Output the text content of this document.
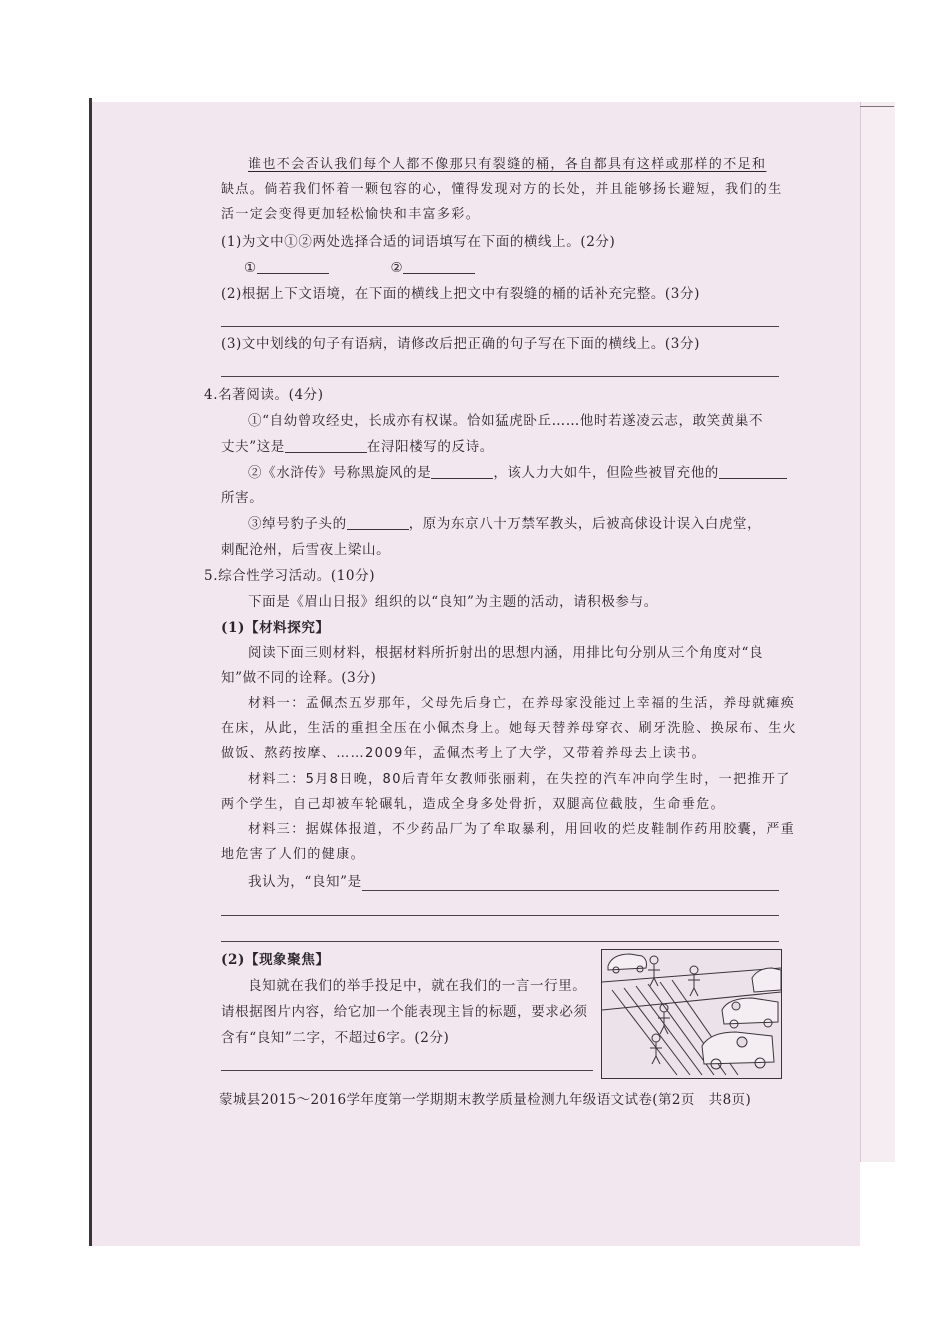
谁也不会否认我们每个人都不像那只有裂缝的桶，各自都具有这样或那样的不足和
缺点。倘若我们怀着一颗包容的心，懂得发现对方的长处，并且能够扬长避短，我们的生
活一定会变得更加轻松愉快和丰富多彩。
(1)为文中①②两处选择合适的词语填写在下面的横线上。(2分)
①	②
(2)根据上下文语境，在下面的横线上把文中有裂缝的桶的话补充完整。(3分)
(3)文中划线的句子有语病，请修改后把正确的句子写在下面的横线上。(3分)
4.名著阅读。(4分)
①“自幼曾攻经史，长成亦有权谋。恰如猛虎卧丘……他时若遂凌云志，敢笑黄巢不
丈夫”这是	在浔阳楼写的反诗。
②《水浒传》号称黑旋风的是	，该人力大如牛，但险些被冒充他的
所害。
③绰号豹子头的	，原为东京八十万禁军教头，后被高俅设计误入白虎堂，
刺配沧州，后雪夜上梁山。
5.综合性学习活动。(10分)
下面是《眉山日报》组织的以“良知”为主题的活动，请积极参与。
(1)【材料探究】
阅读下面三则材料，根据材料所折射出的思想内涵，用排比句分别从三个角度对“良
知”做不同的诠释。(3分)
材料一：孟佩杰五岁那年，父母先后身亡，在养母家没能过上幸福的生活，养母就瘫痪
在床，从此，生活的重担全压在小佩杰身上。她每天替养母穿衣、刷牙洗脸、换尿布、生火
做饭、熬药按摩、……2009年，孟佩杰考上了大学，又带着养母去上读书。
材料二：5月8日晚，80后青年女教师张丽莉，在失控的汽车冲向学生时，一把推开了
两个学生，自己却被车轮碾轧，造成全身多处骨折，双腿高位截肢，生命垂危。
材料三：据媒体报道，不少药品厂为了牟取暴利，用回收的烂皮鞋制作药用胶囊，严重
地危害了人们的健康。
我认为，“良知”是
(2)【现象聚焦】
良知就在我们的举手投足中，就在我们的一言一行里。
请根据图片内容，给它加一个能表现主旨的标题，要求必须
含有“良知”二字，不超过6字。(2分)
蒙城县2015～2016学年度第一学期期末教学质量检测九年级语文试卷(第2页　共8页)
